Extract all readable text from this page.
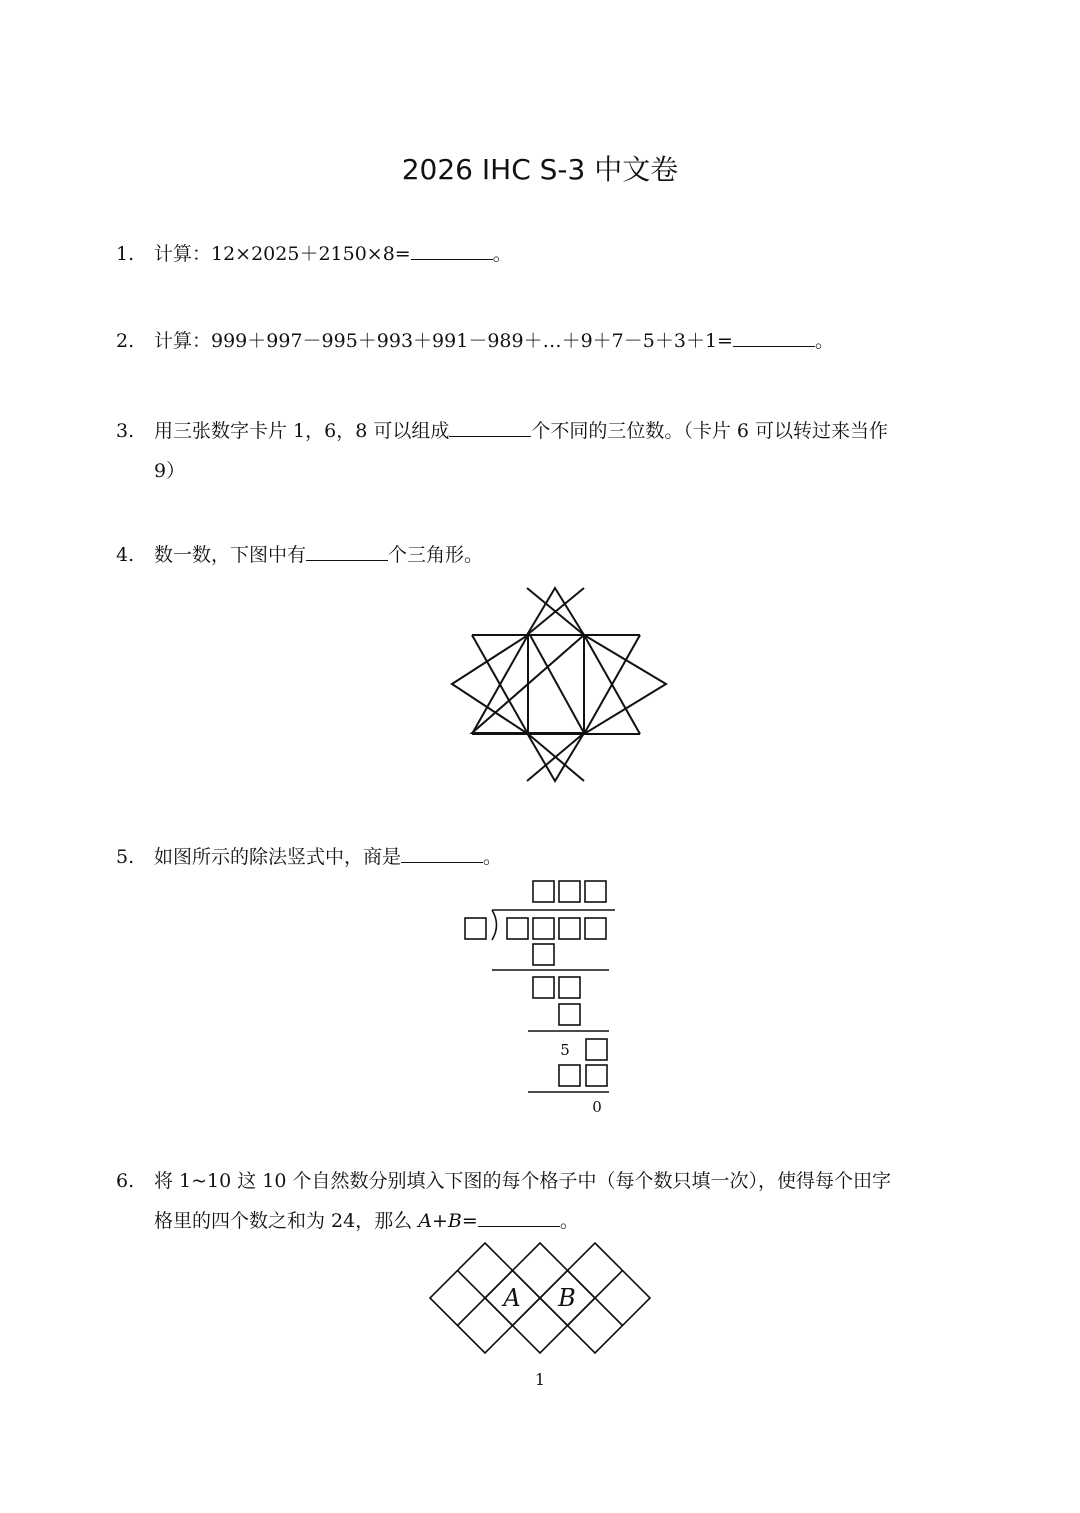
2026 IHC S-3 中文卷
1. 计算：12×2025＋2150×8=	。
2. 计算：999＋997－995＋993＋991－989＋…＋9＋7－5＋3＋1=	。
3. 用三张数字卡片 1，6，8 可以组成	个不同的三位数。（卡片 6 可以转过来当作
9）
4. 数一数，下图中有	个三角形。
5. 如图所示的除法竖式中，商是	。
5
0
6. 将 1~10 这 10 个自然数分别填入下图的每个格子中（每个数只填一次），使得每个田字
格里的四个数之和为 24，那么 A+B=	。
A B
1
